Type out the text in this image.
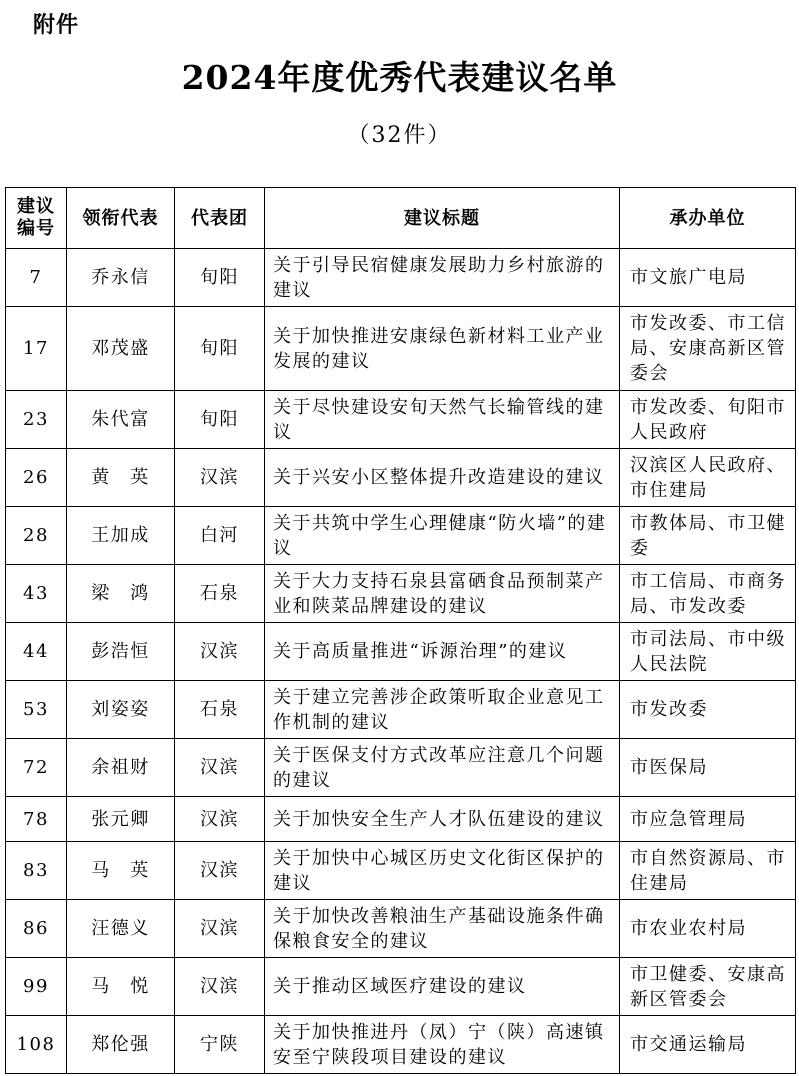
附件
2024年度优秀代表建议名单
（32件）
建议
编号	领衔代表	代表团	建议标题	承办单位
7	乔永信	旬阳	关于引导民宿健康发展助力乡村旅游的建议	市文旅广电局
17	邓茂盛	旬阳	关于加快推进安康绿色新材料工业产业发展的建议	市发改委、市工信局、安康高新区管委会
23	朱代富	旬阳	关于尽快建设安旬天然气长输管线的建议	市发改委、旬阳市人民政府
26	黄　英	汉滨	关于兴安小区整体提升改造建设的建议	汉滨区人民政府、市住建局
28	王加成	白河	关于共筑中学生心理健康“防火墙”的建议	市教体局、市卫健委
43	梁　鸿	石泉	关于大力支持石泉县富硒食品预制菜产业和陕菜品牌建设的建议	市工信局、市商务局、市发改委
44	彭浩恒	汉滨	关于高质量推进“诉源治理”的建议	市司法局、市中级人民法院
53	刘姿姿	石泉	关于建立完善涉企政策听取企业意见工作机制的建议	市发改委
72	余祖财	汉滨	关于医保支付方式改革应注意几个问题的建议	市医保局
78	张元卿	汉滨	关于加快安全生产人才队伍建设的建议	市应急管理局
83	马　英	汉滨	关于加快中心城区历史文化街区保护的建议	市自然资源局、市住建局
86	汪德义	汉滨	关于加快改善粮油生产基础设施条件确保粮食安全的建议	市农业农村局
99	马　悦	汉滨	关于推动区域医疗建设的建议	市卫健委、安康高新区管委会
108	郑伦强	宁陕	关于加快推进丹（凤）宁（陕）高速镇安至宁陕段项目建设的建议	市交通运输局
